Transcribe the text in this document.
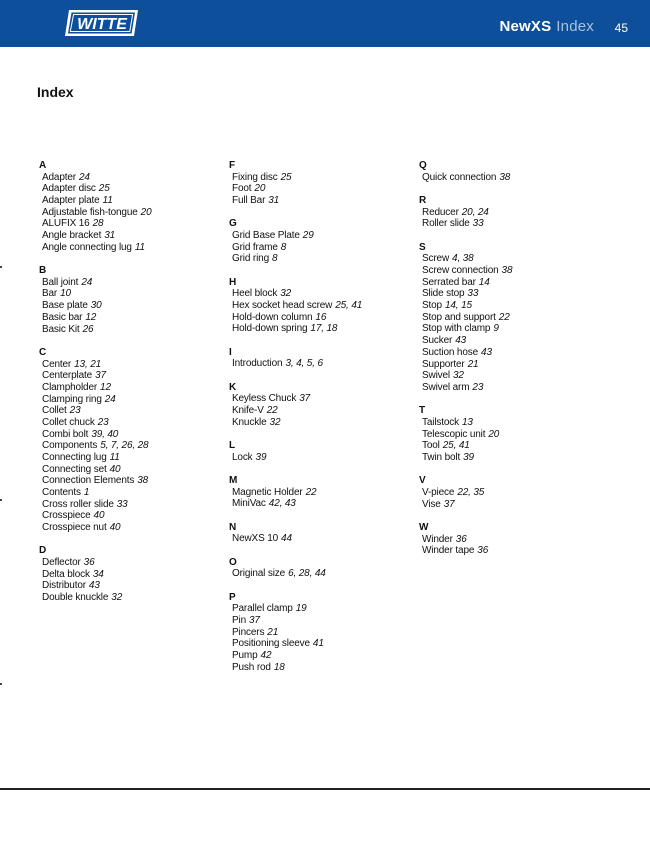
WITTE	NewXS Index 45
Index
A
Adapter 24
Adapter disc 25
Adapter plate 11
Adjustable fish-tongue 20
ALUFIX 16 28
Angle bracket 31
Angle connecting lug 11
B
Ball joint 24
Bar 10
Base plate 30
Basic bar 12
Basic Kit 26
C
Center 13, 21
Centerplate 37
Clampholder 12
Clamping ring 24
Collet 23
Collet chuck 23
Combi bolt 39, 40
Components 5, 7, 26, 28
Connecting lug 11
Connecting set 40
Connection Elements 38
Contents 1
Cross roller slide 33
Crosspiece 40
Crosspiece nut 40
D
Deflector 36
Delta block 34
Distributor 43
Double knuckle 32
F
Fixing disc 25
Foot 20
Full Bar 31
G
Grid Base Plate 29
Grid frame 8
Grid ring 8
H
Heel block 32
Hex socket head screw 25, 41
Hold-down column 16
Hold-down spring 17, 18
I
Introduction 3, 4, 5, 6
K
Keyless Chuck 37
Knife-V 22
Knuckle 32
L
Lock 39
M
Magnetic Holder 22
MiniVac 42, 43
N
NewXS 10 44
O
Original size 6, 28, 44
P
Parallel clamp 19
Pin 37
Pincers 21
Positioning sleeve 41
Pump 42
Push rod 18
Q
Quick connection 38
R
Reducer 20, 24
Roller slide 33
S
Screw 4, 38
Screw connection 38
Serrated bar 14
Slide stop 33
Stop 14, 15
Stop and support 22
Stop with clamp 9
Sucker 43
Suction hose 43
Supporter 21
Swivel 32
Swivel arm 23
T
Tailstock 13
Telescopic unit 20
Tool 25, 41
Twin bolt 39
V
V-piece 22, 35
Vise 37
W
Winder 36
Winder tape 36
